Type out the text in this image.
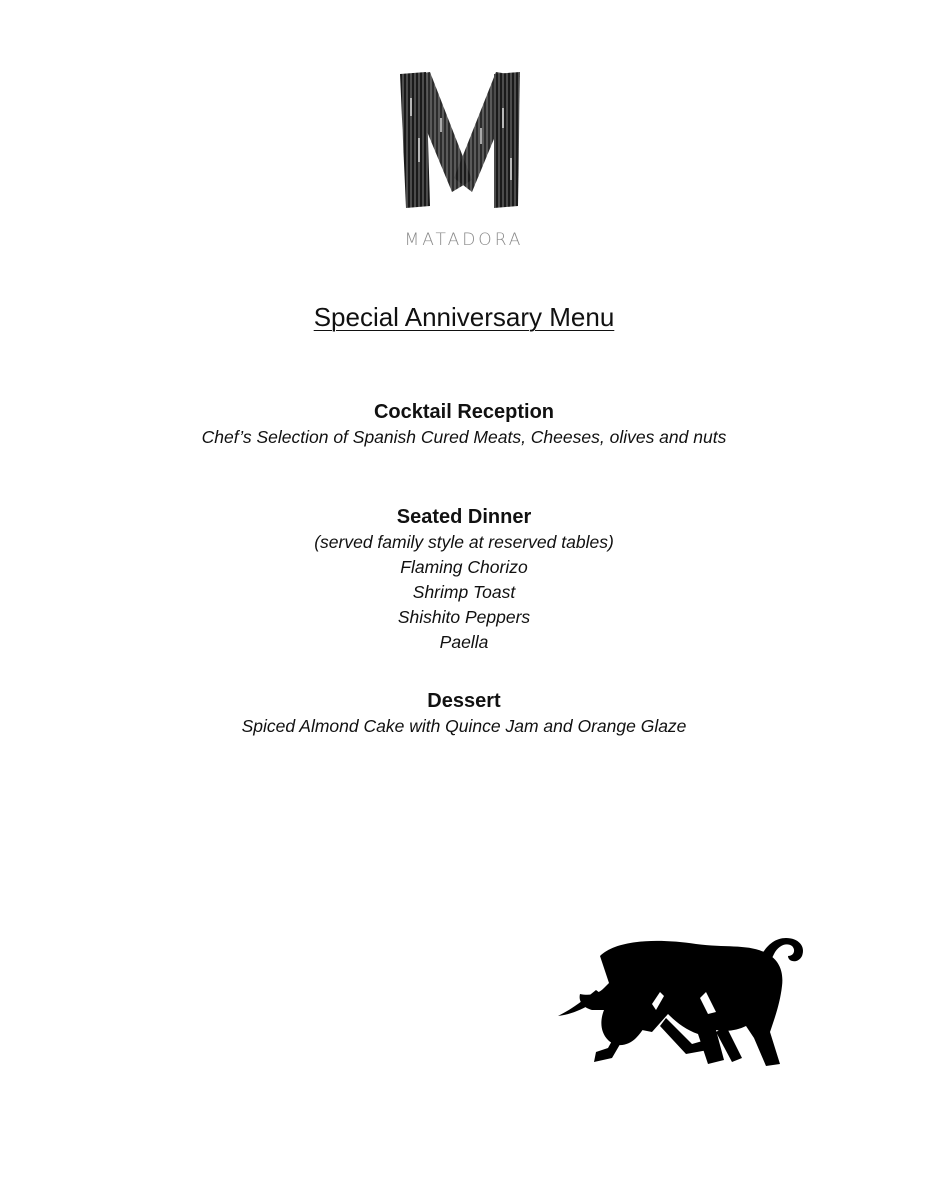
MATADORA
Special Anniversary Menu
Cocktail Reception
Chef’s Selection of Spanish Cured Meats, Cheeses, olives and nuts
Seated Dinner
(served family style at reserved tables)
Flaming Chorizo
Shrimp Toast
Shishito Peppers
Paella
Dessert
Spiced Almond Cake with Quince Jam and Orange Glaze
